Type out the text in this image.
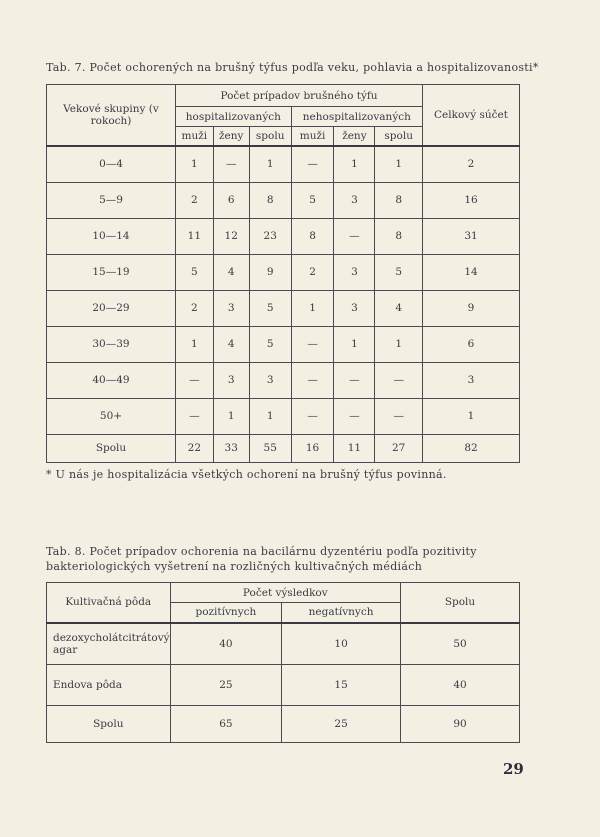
Tab. 7. Počet ochorených na brušný týfus podľa veku, pohlavia a hospitalizovanosti*
Vekové skupiny (v rokoch)	Počet prípadov brušného týfu						Celkový súčet
	hospitalizovaných			nehospitalizovaných			
	muži	ženy	spolu	muži	ženy	spolu	
0—4	1	—	1	—	1	1	2
5—9	2	6	8	5	3	8	16
10—14	11	12	23	8	—	8	31
15—19	5	4	9	2	3	5	14
20—29	2	3	5	1	3	4	9
30—39	1	4	5	—	1	1	6
40—49	—	3	3	—	—	—	3
50+	—	1	1	—	—	—	1
Spolu	22	33	55	16	11	27	82
* U nás je hospitalizácia všetkých ochorení na brušný týfus povinná.
Tab. 8. Počet prípadov ochorenia na bacilárnu dyzentériu podľa pozitivity bakteriologických vyšetrení na rozličných kultivačných médiách
Kultivačná pôda	Počet výsledkov		Spolu
	pozitívnych	negatívnych	
dezoxycholátcitrátový agar	40	10	50
Endova pôda	25	15	40
Spolu	65	25	90
29
